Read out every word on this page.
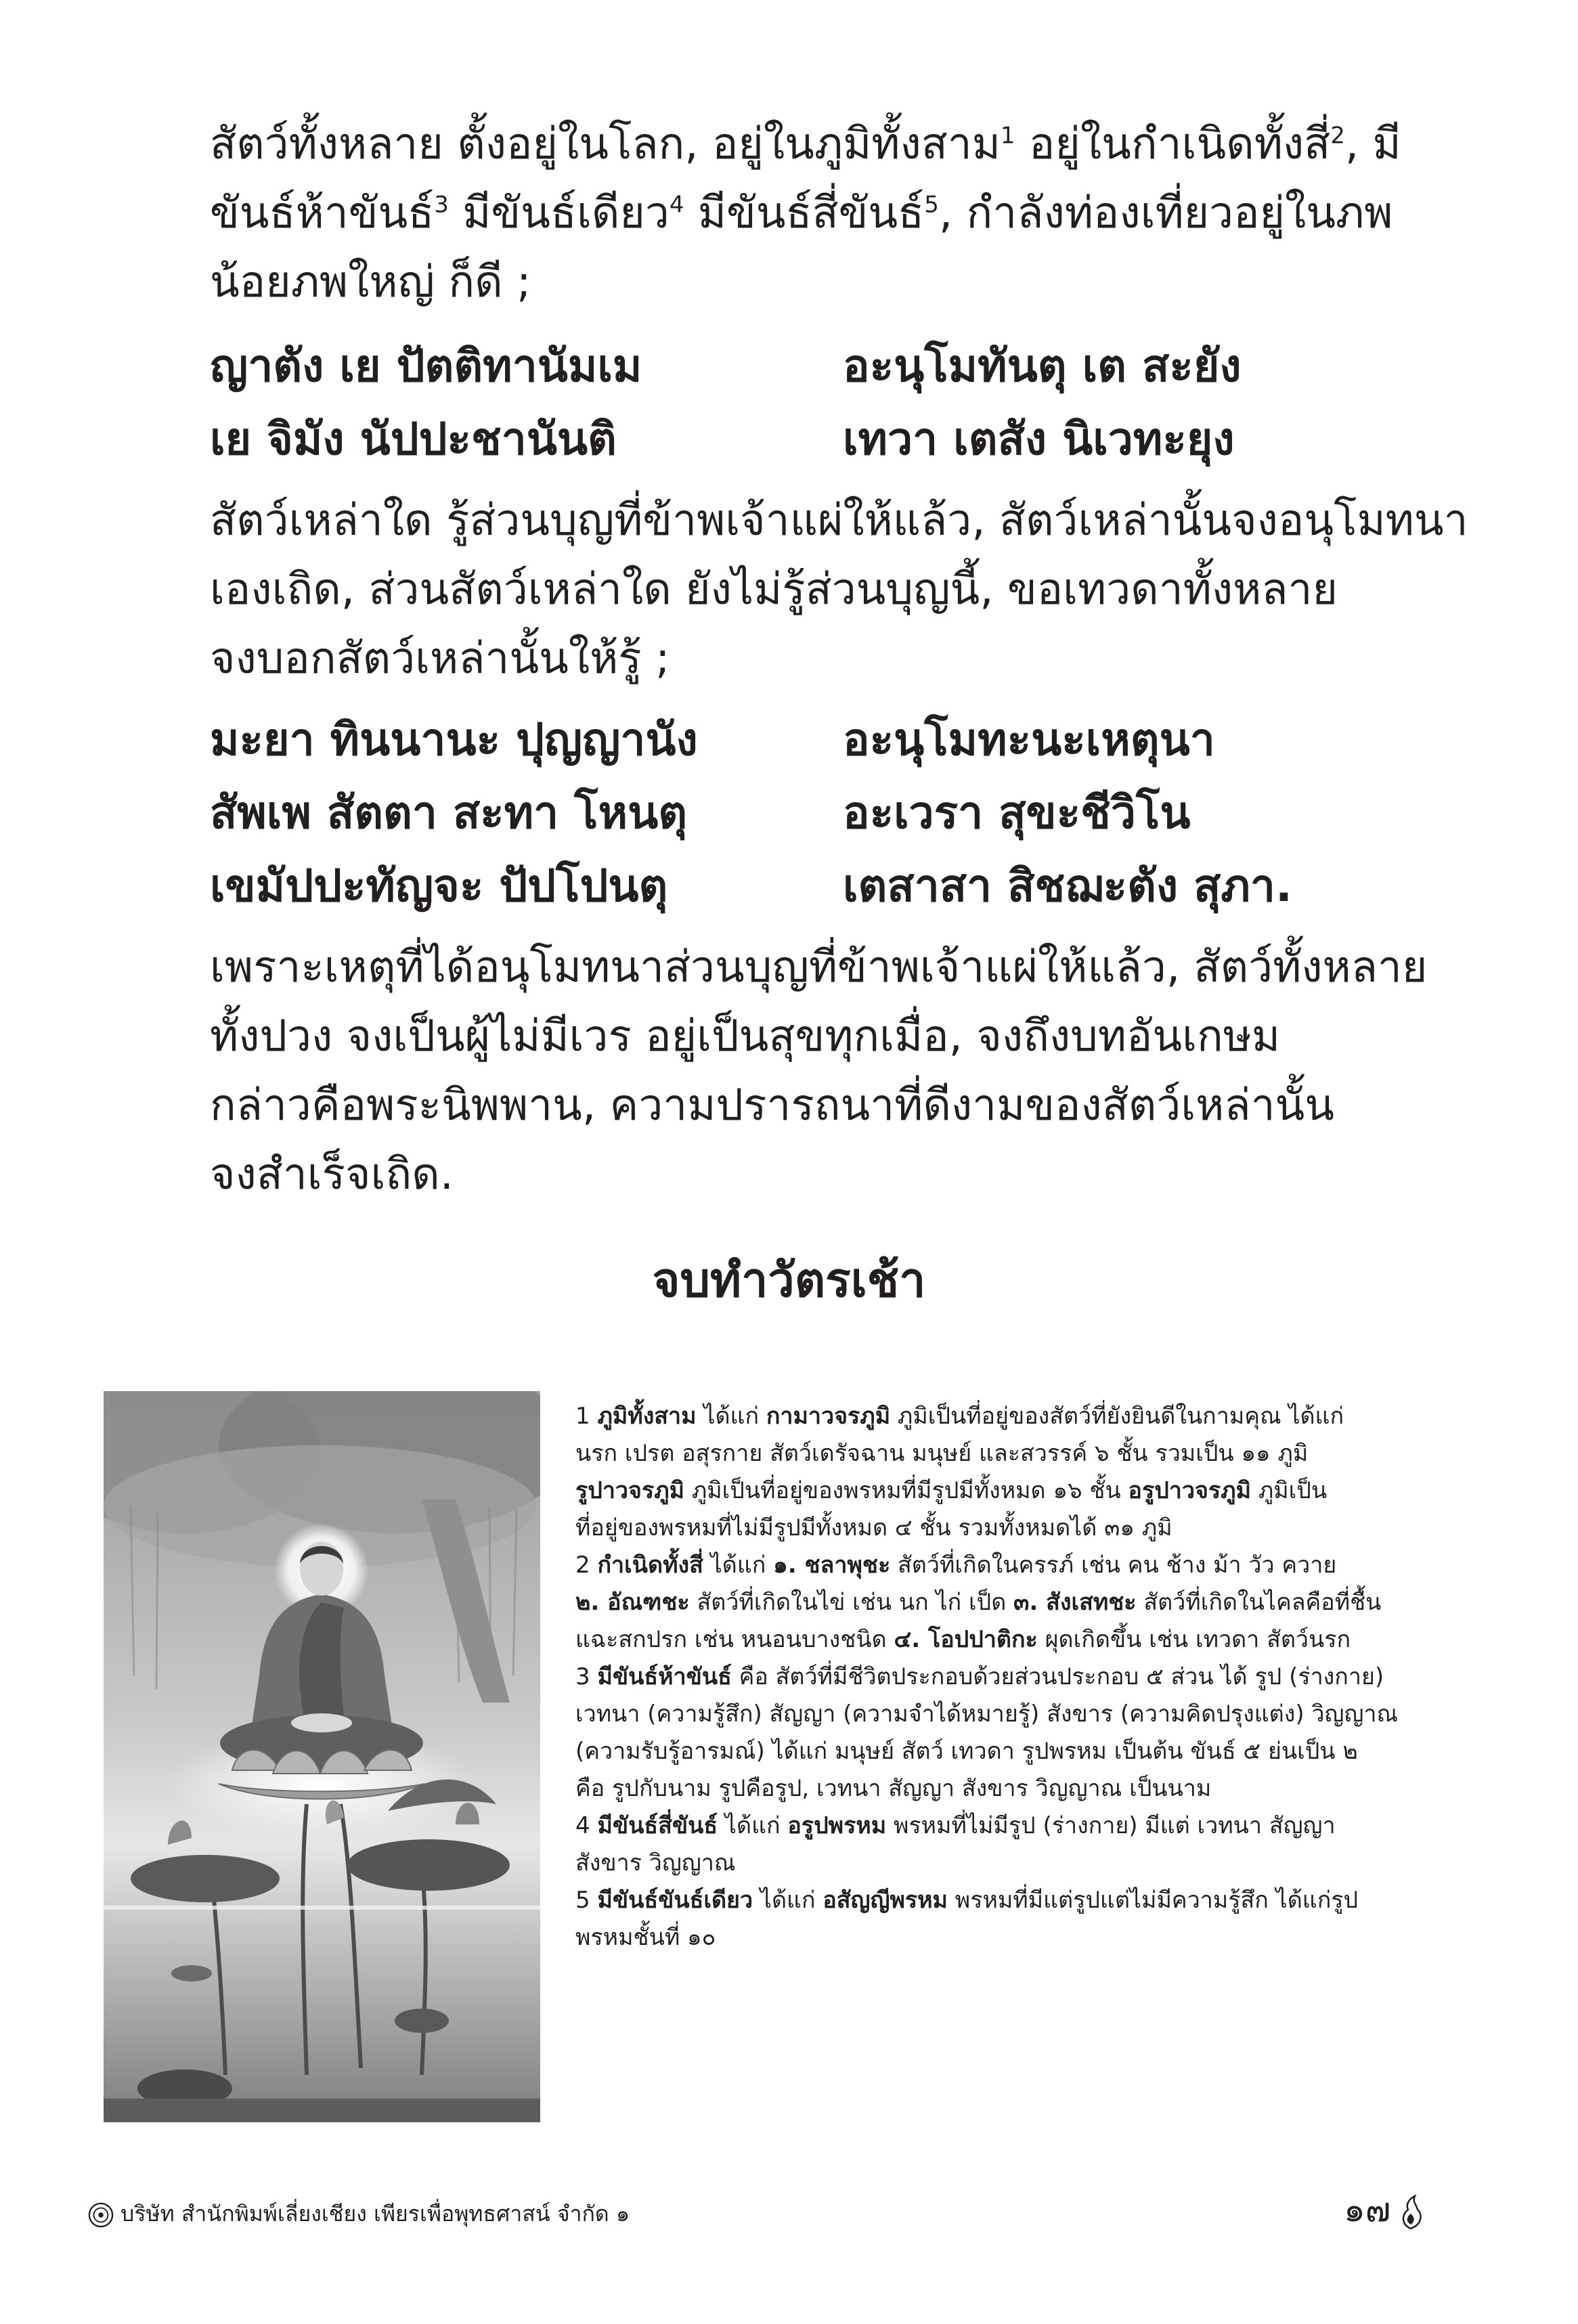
สัตว์ทั้งหลาย ตั้งอยู่ในโลก, อยู่ในภูมิทั้งสาม$^1$ อยู่ในกำเนิดทั้งสี่$^2$, มี
ขันธ์ห้าขันธ์$^3$ มีขันธ์เดียว$^4$ มีขันธ์สี่ขันธ์$^5$, กำลังท่องเที่ยวอยู่ในภพ
น้อยภพใหญ่ ก็ดี ;
ญาตัง เย ปัตติทานัมเม	อะนุโมทันตุ เต สะยัง
เย จิมัง นัปปะชานันติ	เทวา เตสัง นิเวทะยุง
สัตว์เหล่าใด รู้ส่วนบุญที่ข้าพเจ้าแผ่ให้แล้ว, สัตว์เหล่านั้นจงอนุโมทนา
เองเถิด, ส่วนสัตว์เหล่าใด ยังไม่รู้ส่วนบุญนี้, ขอเทวดาทั้งหลาย
จงบอกสัตว์เหล่านั้นให้รู้ ;
มะยา ทินนานะ ปุญญานัง	อะนุโมทะนะเหตุนา
สัพเพ สัตตา สะทา โหนตุ	อะเวรา สุขะชีวิโน
เขมัปปะทัญจะ ปัปโปนตุ	เตสาสา สิชฌะตัง สุภา.
เพราะเหตุที่ได้อนุโมทนาส่วนบุญที่ข้าพเจ้าแผ่ให้แล้ว, สัตว์ทั้งหลาย
ทั้งปวง จงเป็นผู้ไม่มีเวร อยู่เป็นสุขทุกเมื่อ, จงถึงบทอันเกษม
กล่าวคือพระนิพพาน, ความปรารถนาที่ดีงามของสัตว์เหล่านั้น
จงสำเร็จเถิด.
จบทำวัตรเช้า
1 ภูมิทั้งสาม ได้แก่ กามาวจรภูมิ ภูมิเป็นที่อยู่ของสัตว์ที่ยังยินดีในกามคุณ ได้แก่
นรก เปรต อสุรกาย สัตว์เดรัจฉาน มนุษย์ และสวรรค์ ๖ ชั้น รวมเป็น ๑๑ ภูมิ
รูปาวจรภูมิ ภูมิเป็นที่อยู่ของพรหมที่มีรูปมีทั้งหมด ๑๖ ชั้น อรูปาวจรภูมิ ภูมิเป็น
ที่อยู่ของพรหมที่ไม่มีรูปมีทั้งหมด ๔ ชั้น รวมทั้งหมดได้ ๓๑ ภูมิ
2 กำเนิดทั้งสี่ ได้แก่ ๑. ชลาพุชะ สัตว์ที่เกิดในครรภ์ เช่น คน ช้าง ม้า วัว ควาย
๒. อัณฑชะ สัตว์ที่เกิดในไข่ เช่น นก ไก่ เป็ด ๓. สังเสทชะ สัตว์ที่เกิดในไคลคือที่ชื้น
แฉะสกปรก เช่น หนอนบางชนิด ๔. โอปปาติกะ ผุดเกิดขึ้น เช่น เทวดา สัตว์นรก
3 มีขันธ์ห้าขันธ์ คือ สัตว์ที่มีชีวิตประกอบด้วยส่วนประกอบ ๕ ส่วน ได้ รูป (ร่างกาย)
เวทนา (ความรู้สึก) สัญญา (ความจำได้หมายรู้) สังขาร (ความคิดปรุงแต่ง) วิญญาณ
(ความรับรู้อารมณ์) ได้แก่ มนุษย์ สัตว์ เทวดา รูปพรหม เป็นต้น ขันธ์ ๕ ย่นเป็น ๒
คือ รูปกับนาม รูปคือรูป, เวทนา สัญญา สังขาร วิญญาณ เป็นนาม
4 มีขันธ์สี่ขันธ์ ได้แก่ อรูปพรหม พรหมที่ไม่มีรูป (ร่างกาย) มีแต่ เวทนา สัญญา
สังขาร วิญญาณ
5 มีขันธ์ขันธ์เดียว ได้แก่ อสัญญีพรหม พรหมที่มีแต่รูปแต่ไม่มีความรู้สึก ได้แก่รูป
พรหมชั้นที่ ๑๐
บริษัท สำนักพิมพ์เลี่ยงเชียง เพียรเพื่อพุทธศาสน์ จำกัด ๑	๑๗
